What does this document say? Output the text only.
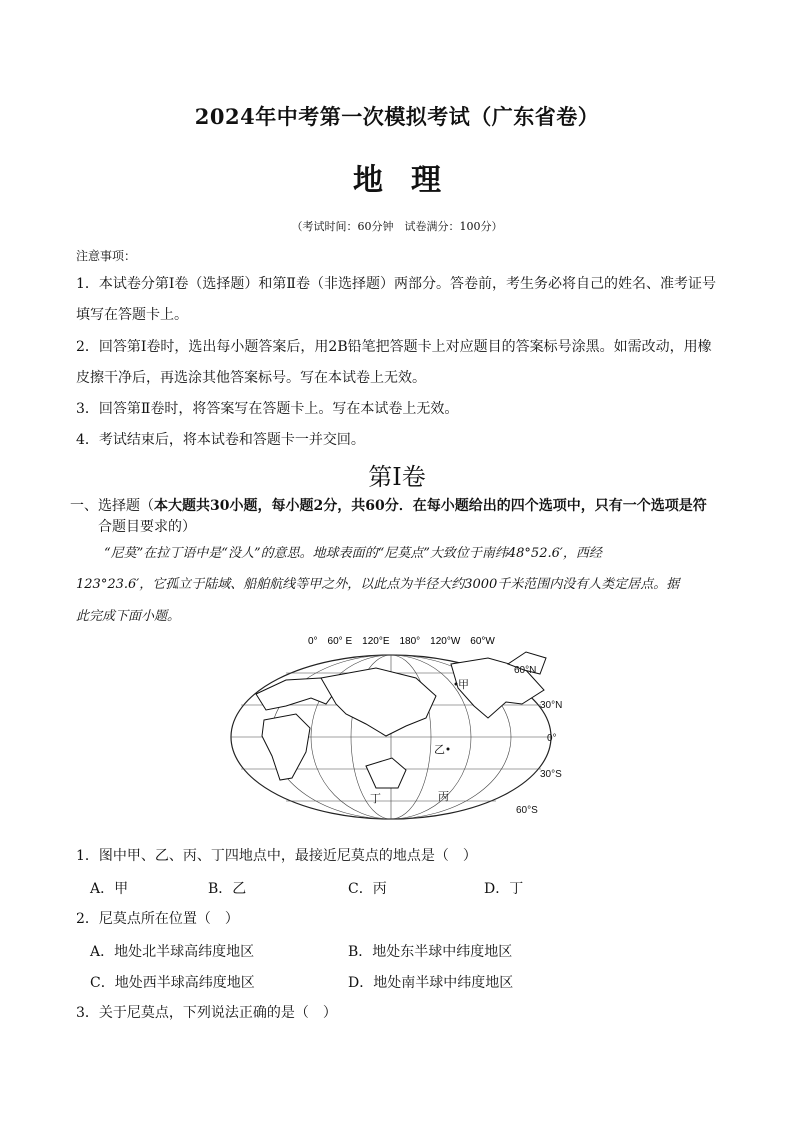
2024年中考第一次模拟考试（广东省卷）
地理
（考试时间：60分钟　试卷满分：100分）
注意事项：
1．本试卷分第Ⅰ卷（选择题）和第Ⅱ卷（非选择题）两部分。答卷前，考生务必将自己的姓名、准考证号
填写在答题卡上。
2．回答第Ⅰ卷时，选出每小题答案后，用2B铅笔把答题卡上对应题目的答案标号涂黑。如需改动，用橡
皮擦干净后，再选涂其他答案标号。写在本试卷上无效。
3．回答第Ⅱ卷时，将答案写在答题卡上。写在本试卷上无效。
4．考试结束后，将本试卷和答题卡一并交回。
第Ⅰ卷
一、选择题（本大题共30小题，每小题2分，共60分．在每小题给出的四个选项中，只有一个选项是符
合题目要求的）
“尼莫”在拉丁语中是“没人”的意思。地球表面的“尼莫点”大致位于南纬48°52.6′，西经
123°23.6′，它孤立于陆域、船舶航线等甲之外，以此点为半径大约3000千米范围内没有人类定居点。据
此完成下面小题。
0°　60° E　120°E　180°　120°W　60°W
甲
乙
丙
丁
60°N
30°N
0°
30°S
60°S
1．图中甲、乙、丙、丁四地点中，最接近尼莫点的地点是（　）
A．甲	B．乙	C．丙	D．丁
2．尼莫点所在位置（　）
A．地处北半球高纬度地区	B．地处东半球中纬度地区
C．地处西半球高纬度地区	D．地处南半球中纬度地区
3．关于尼莫点，下列说法正确的是（　）
